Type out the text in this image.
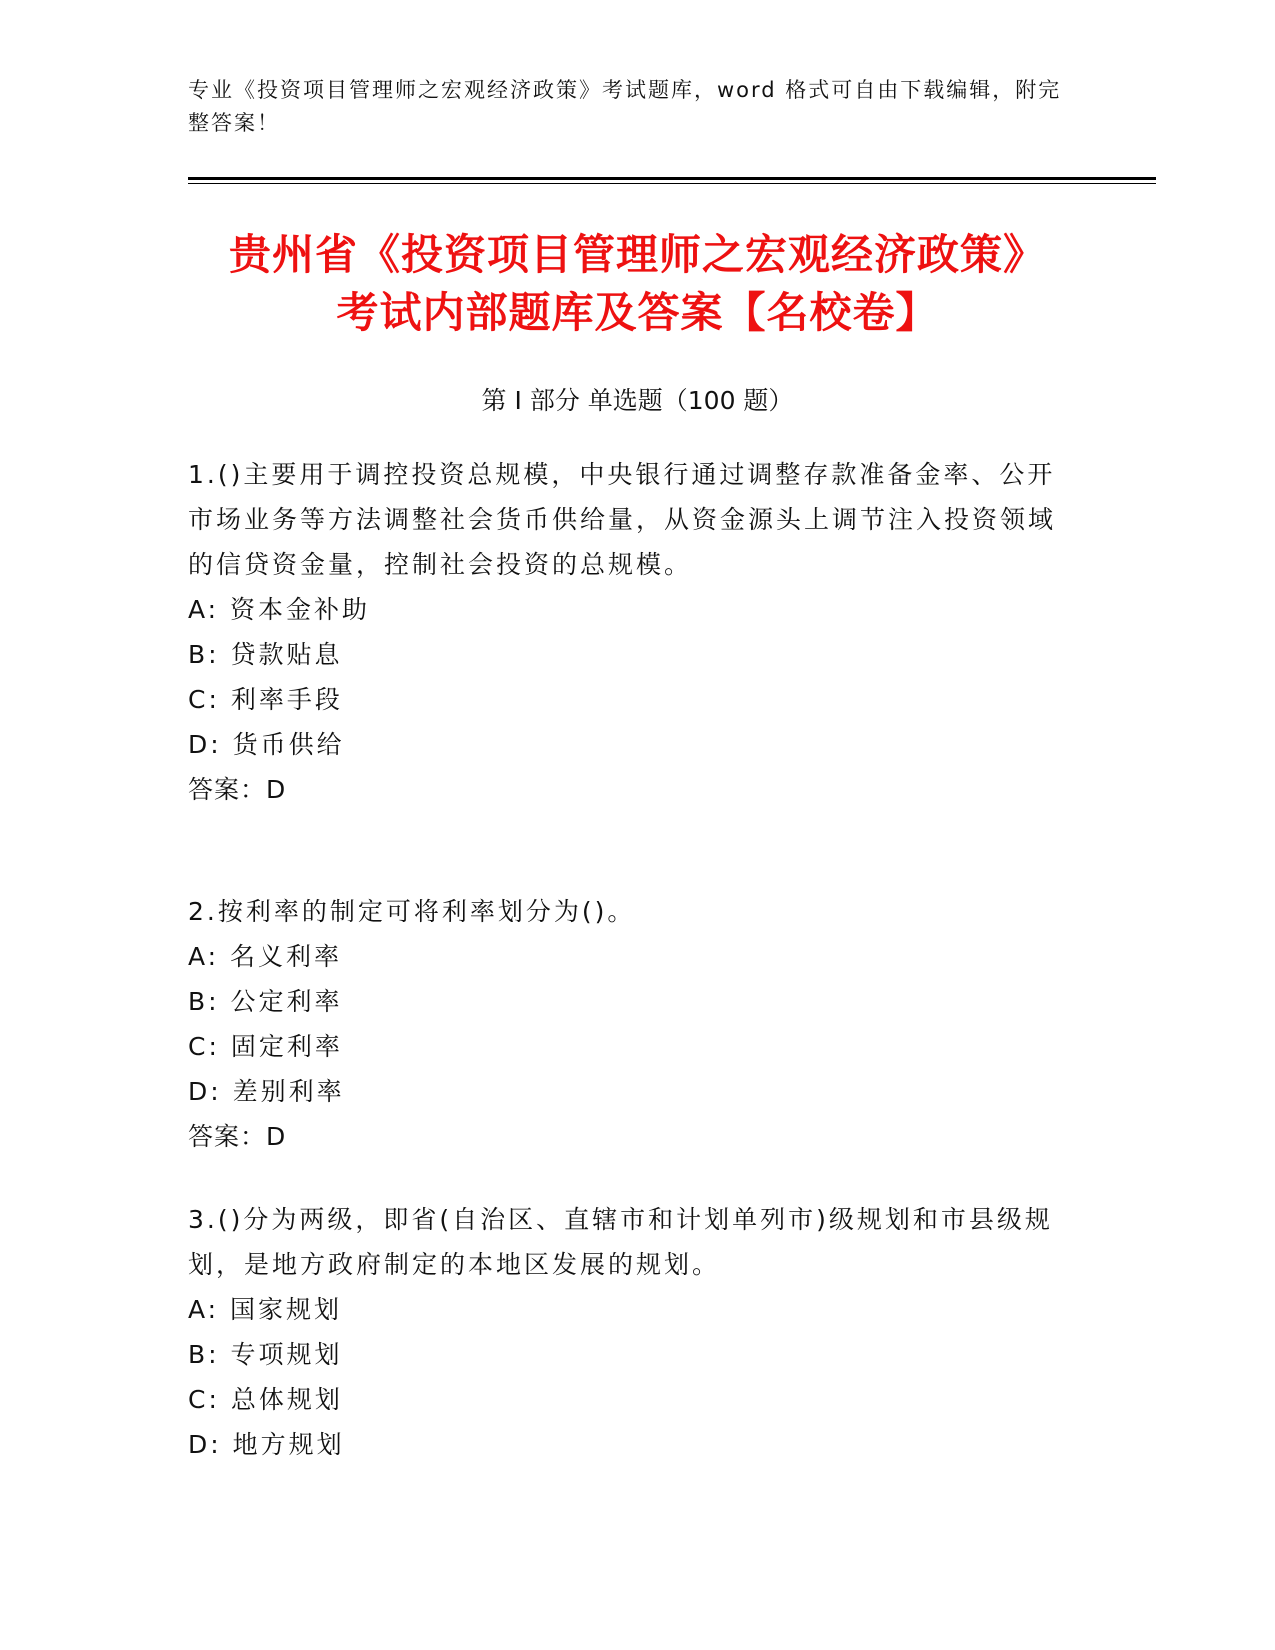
专业《投资项目管理师之宏观经济政策》考试题库，word 格式可自由下载编辑，附完整答案！
贵州省《投资项目管理师之宏观经济政策》
考试内部题库及答案【名校卷】
第 I 部分 单选题（100 题）
1.()主要用于调控投资总规模，中央银行通过调整存款准备金率、公开市场业务等方法调整社会货币供给量，从资金源头上调节注入投资领域的信贷资金量，控制社会投资的总规模。
A: 资本金补助
B: 贷款贴息
C: 利率手段
D: 货币供给
答案：D
2.按利率的制定可将利率划分为()。
A: 名义利率
B: 公定利率
C: 固定利率
D: 差别利率
答案：D
3.()分为两级，即省(自治区、直辖市和计划单列市)级规划和市县级规划，是地方政府制定的本地区发展的规划。
A: 国家规划
B: 专项规划
C: 总体规划
D: 地方规划
